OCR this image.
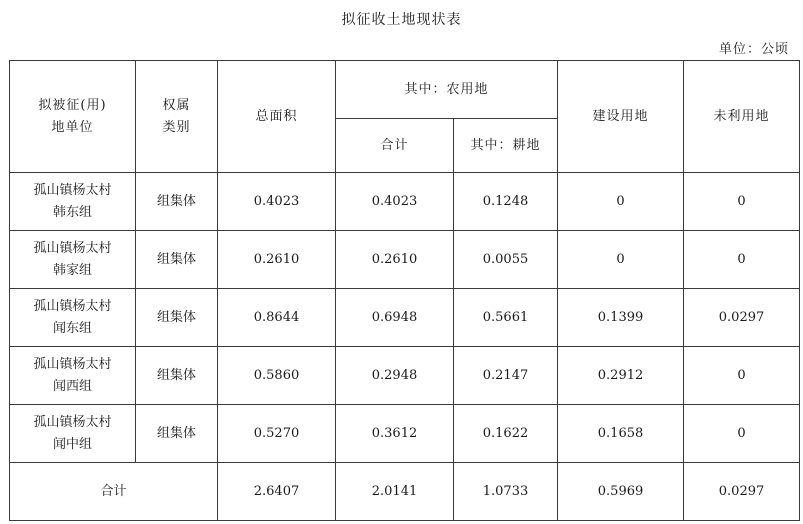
拟征收土地现状表
单位：公顷
拟被征(用)
地单位	权属
类别	总面积	其中：农用地		建设用地	未利用地
			合计	其中：耕地		

孤山镇杨太村
韩东组	组集体	0.4023	0.4023	0.1248	0	0

孤山镇杨太村
韩家组	组集体	0.2610	0.2610	0.0055	0	0

孤山镇杨太村
闻东组	组集体	0.8644	0.6948	0.5661	0.1399	0.0297

孤山镇杨太村
闻西组	组集体	0.5860	0.2948	0.2147	0.2912	0

孤山镇杨太村
闻中组	组集体	0.5270	0.3612	0.1622	0.1658	0
合计		2.6407	2.0141	1.0733	0.5969	0.0297
